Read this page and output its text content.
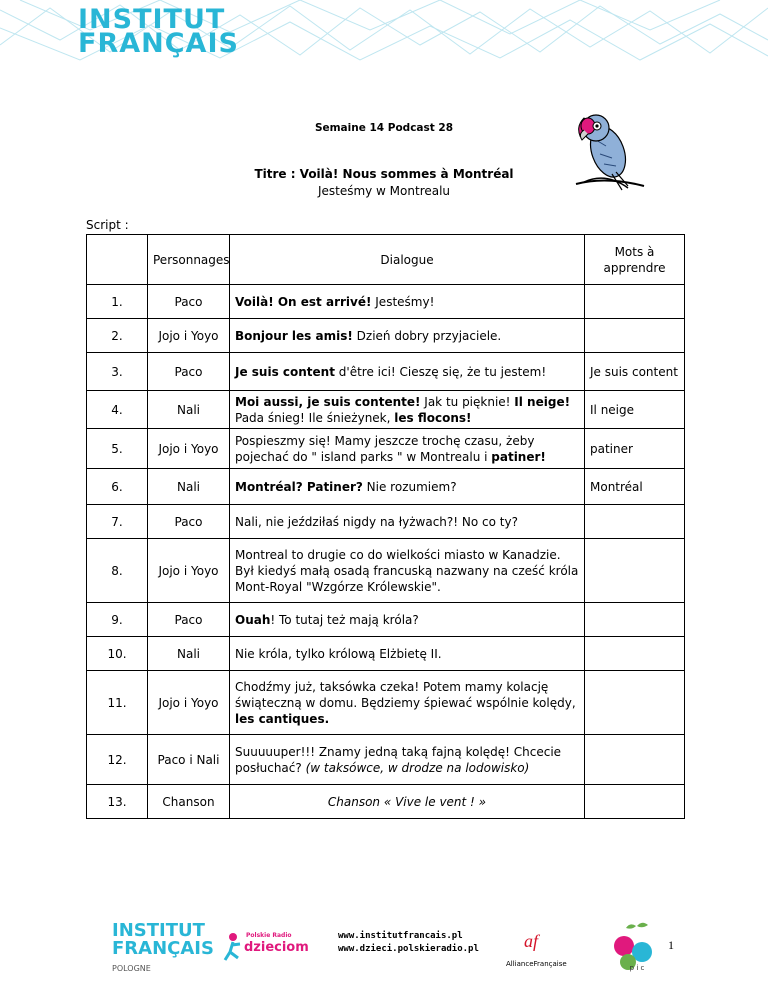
INSTITUT
FRANÇAIS
Semaine 14 Podcast 28
Titre : Voilà! Nous sommes à Montréal
Jesteśmy w Montrealu
Script :
	Personnages	Dialogue	Mots à apprendre
1.	Paco	Voilà! On est arrivé! Jesteśmy!	
2.	Jojo i Yoyo	Bonjour les amis! Dzień dobry przyjaciele.	
3.	Paco	Je suis content d'être ici! Cieszę się, że tu jestem!	Je suis content
4.	Nali	Moi aussi, je suis contente! Jak tu pięknie! Il neige! Pada śnieg! Ile śnieżynek, les flocons!	Il neige
5.	Jojo i Yoyo	Pospieszmy się! Mamy jeszcze trochę czasu, żeby pojechać do " island parks " w Montrealu i patiner!	patiner
6.	Nali	Montréal? Patiner? Nie rozumiem?	Montréal
7.	Paco	Nali, nie jeździłaś nigdy na łyżwach?! No co ty?	
8.	Jojo i Yoyo	Montreal to drugie co do wielkości miasto w Kanadzie. Był kiedyś małą osadą francuską nazwany na cześć króla Mont-Royal "Wzgórze Królewskie".	
9.	Paco	Ouah! To tutaj też mają króla?	
10.	Nali	Nie króla, tylko królową Elżbietę II.	
11.	Jojo i Yoyo	Chodźmy już, taksówka czeka! Potem mamy kolację świąteczną w domu. Będziemy śpiewać wspólnie kolędy, les cantiques.	
12.	Paco i Nali	Suuuuuper!!! Znamy jedną taką fajną kolędę! Chcecie posłuchać? (w taksówce, w drodze na lodowisko)	
13.	Chanson	Chanson « Vive le vent ! »	
INSTITUT
FRANÇAIS
POLOGNE
Polskie Radio
dzieciom
www.institutfrancais.pl
www.dzieci.polskieradio.pl	af
AllianceFrançaise	p i c
1
